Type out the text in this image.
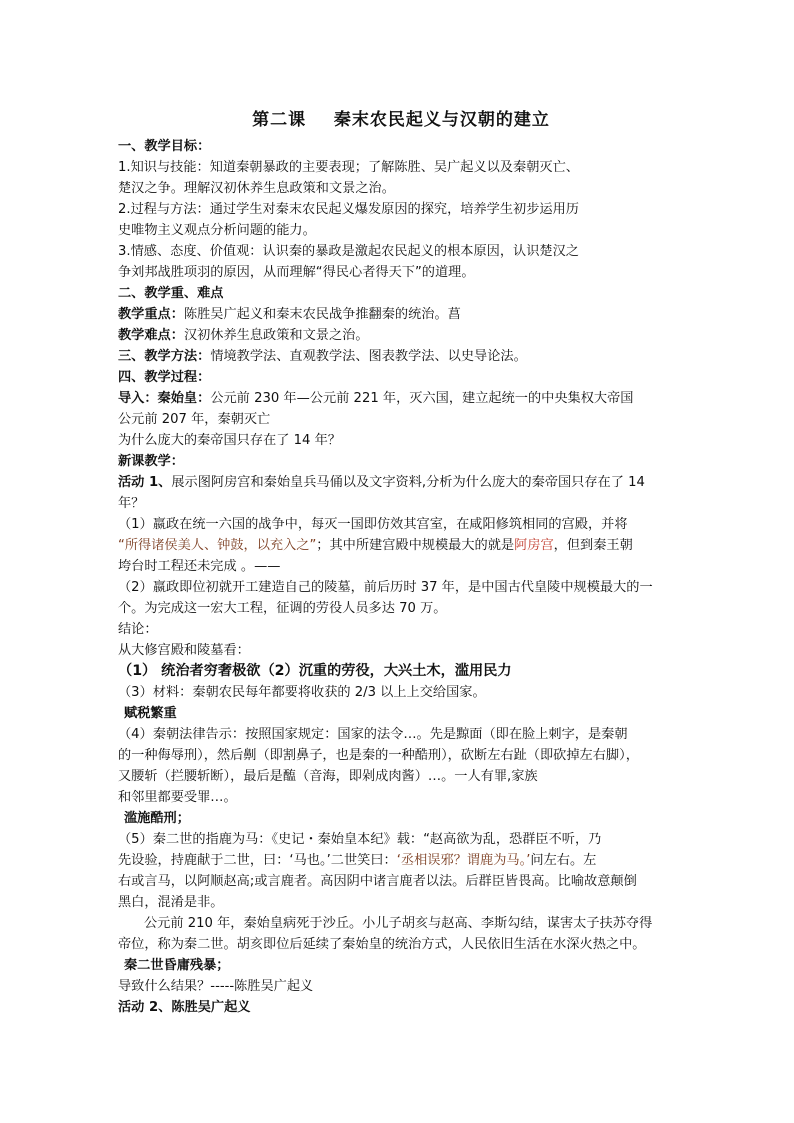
第二课    秦末农民起义与汉朝的建立
一、教学目标：
1.知识与技能：知道秦朝暴政的主要表现；了解陈胜、吴广起义以及秦朝灭亡、
楚汉之争。理解汉初休养生息政策和文景之治。
2.过程与方法：通过学生对秦末农民起义爆发原因的探究，培养学生初步运用历
史唯物主义观点分析问题的能力。
3.情感、态度、价值观：认识秦的暴政是激起农民起义的根本原因，认识楚汉之
争刘邦战胜项羽的原因，从而理解“得民心者得天下”的道理。
二、教学重、难点
教学重点：陈胜吴广起义和秦末农民战争推翻秦的统治。菖
教学难点：汉初休养生息政策和文景之治。
三、教学方法：情境教学法、直观教学法、图表教学法、以史导论法。
四、教学过程：
导入：秦始皇：公元前 230 年—公元前 221 年，灭六国，建立起统一的中央集权大帝国
公元前 207 年，秦朝灭亡
为什么庞大的秦帝国只存在了 14 年？
新课教学：
活动 1、展示图阿房宫和秦始皇兵马俑以及文字资料,分析为什么庞大的秦帝国只存在了 14
年？
（1）嬴政在统一六国的战争中，每灭一国即仿效其宫室，在咸阳修筑相同的宫殿，并将
“所得诸侯美人、钟鼓，以充入之”；其中所建宫殿中规模最大的就是阿房宫，但到秦王朝
垮台时工程还未完成 。——
（2）嬴政即位初就开工建造自己的陵墓，前后历时 37 年，是中国古代皇陵中规模最大的一
个。为完成这一宏大工程，征调的劳役人员多达 70 万。
结论：
从大修宫殿和陵墓看：
（1） 统治者穷奢极欲（2）沉重的劳役，大兴土木，滥用民力
（3）材料：秦朝农民每年都要将收获的 2/3 以上上交给国家。
赋税繁重
（4）秦朝法律告示：按照国家规定：国家的法令…。先是黥面（即在脸上刺字，是秦朝
的一种侮辱刑），然后劓（即割鼻子，也是秦的一种酷刑），砍断左右趾（即砍掉左右脚），
又腰斩（拦腰斩断），最后是醢（音海，即剁成肉酱）…。一人有罪,家族
和邻里都要受罪…。
滥施酷刑；
（5）秦二世的指鹿为马：《史记・秦始皇本纪》载：“赵高欲为乱，恐群臣不听，乃
先设验，持鹿献于二世，曰：‘马也。’二世笑曰：‘丞相误邪？谓鹿为马。’问左右。左
右或言马，以阿顺赵高;或言鹿者。高因阴中诸言鹿者以法。后群臣皆畏高。比喻故意颠倒
黑白，混淆是非。
公元前 210 年，秦始皇病死于沙丘。小儿子胡亥与赵高、李斯勾结，谋害太子扶苏夺得
帝位，称为秦二世。胡亥即位后延续了秦始皇的统治方式，人民依旧生活在水深火热之中。
秦二世昏庸残暴；
导致什么结果？-----陈胜吴广起义
活动 2、陈胜吴广起义
